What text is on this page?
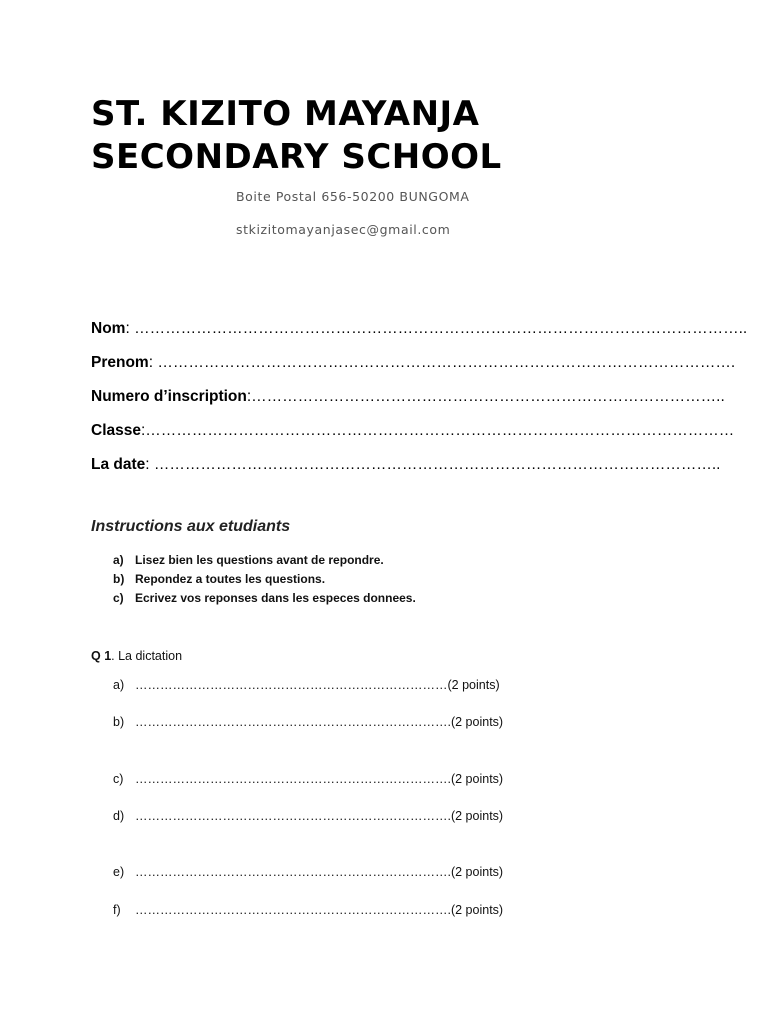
ST. KIZITO MAYANJA
SECONDARY SCHOOL
Boite Postal 656-50200 BUNGOMA
stkizitomayanjasec@gmail.com
Nom: ………………………………………………………………………………………………………..
Prenom: ………………………………………………………………………………………………….
Numero d’inscription:………………………………………………………………………………..
Classe:……………………………………………………………………………………………………
La date: ………………………………………………………………………………………………..
Instructions aux etudiants
a) Lisez bien les questions avant de repondre.
b) Repondez a toutes les questions.
c) Ecrivez vos reponses dans les especes donnees.
Q 1. La dictation
a) …………………………………………………………………(2 points)
b) ………………………………………………………………….(2 points)
c) ………………………………………………………………….(2 points)
d) ………………………………………………………………….(2 points)
e) ………………………………………………………………….(2 points)
f) ………………………………………………………………….(2 points)
